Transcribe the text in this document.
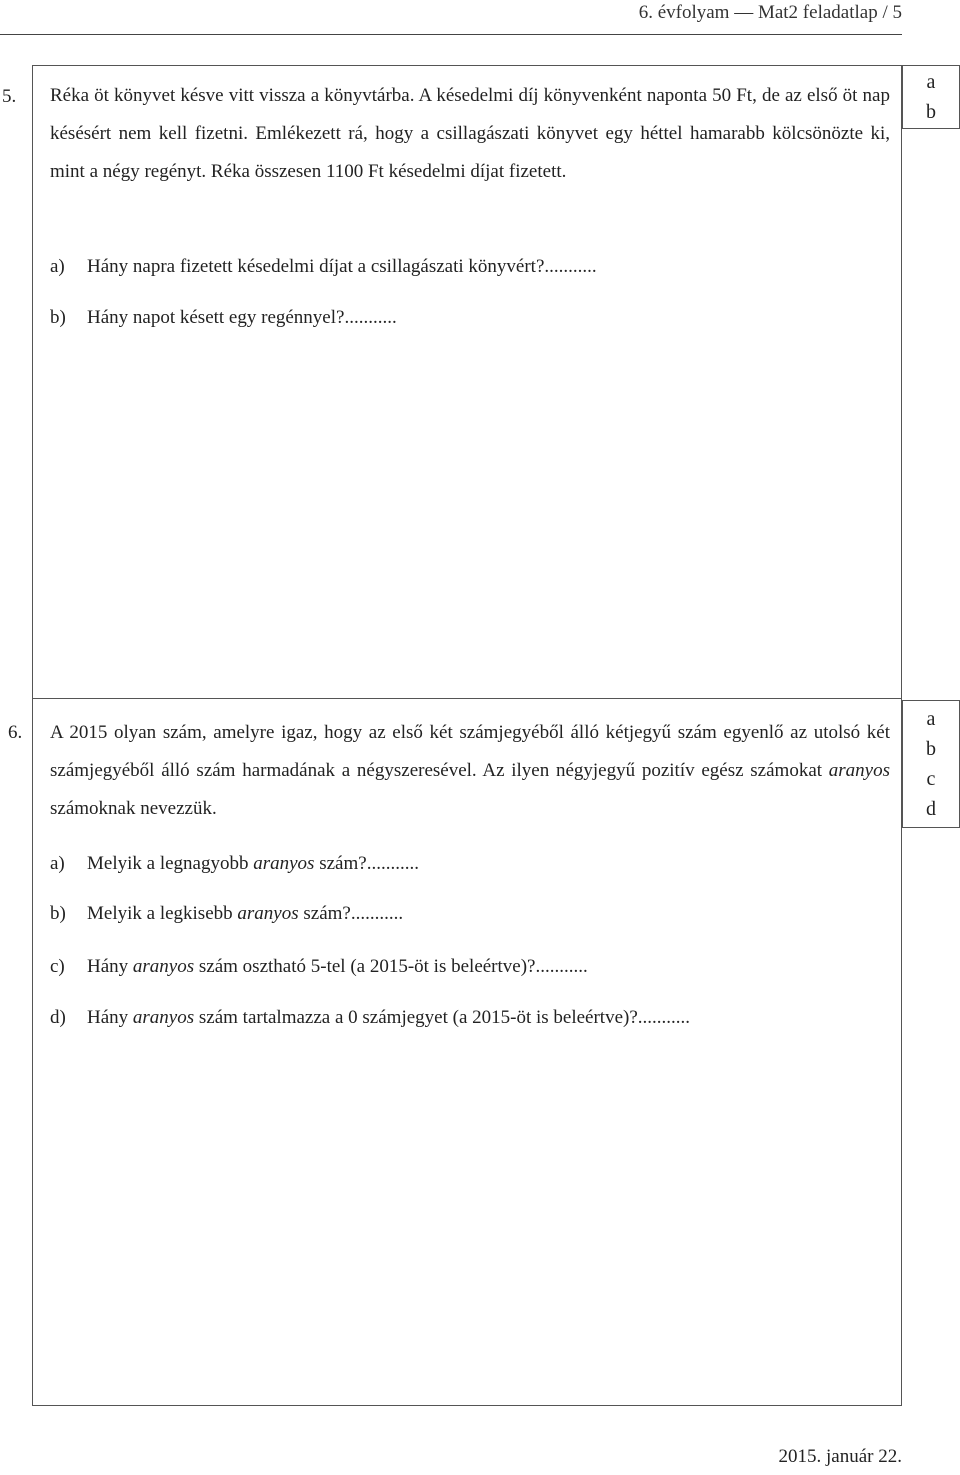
6. évfolyam — Mat2 feladatlap / 5
a
b
5. Réka öt könyvet késve vitt vissza a könyvtárba. A késedelmi díj könyvenként naponta 50 Ft, de az első öt nap késésért nem kell fizetni. Emlékezett rá, hogy a csillagászati könyvet egy héttel hamarabb kölcsönözte ki, mint a négy regényt. Réka összesen 1100 Ft késedelmi díjat fizetett.
a) Hány napra fizetett késedelmi díjat a csillagászati könyvért?...........
b) Hány napot késett egy regénnyel?...........
a
b
c
d
6. A 2015 olyan szám, amelyre igaz, hogy az első két számjegyéből álló kétjegyű szám egyenlő az utolsó két számjegyéből álló szám harmadának a négyszeresével. Az ilyen négyjegyű pozitív egész számokat aranyos számoknak nevezzük.
a) Melyik a legnagyobb aranyos szám?...........
b) Melyik a legkisebb aranyos szám?...........
c) Hány aranyos szám osztható 5-tel (a 2015-öt is beleértve)?...........
d) Hány aranyos szám tartalmazza a 0 számjegyet (a 2015-öt is beleértve)?...........
2015. január 22.
